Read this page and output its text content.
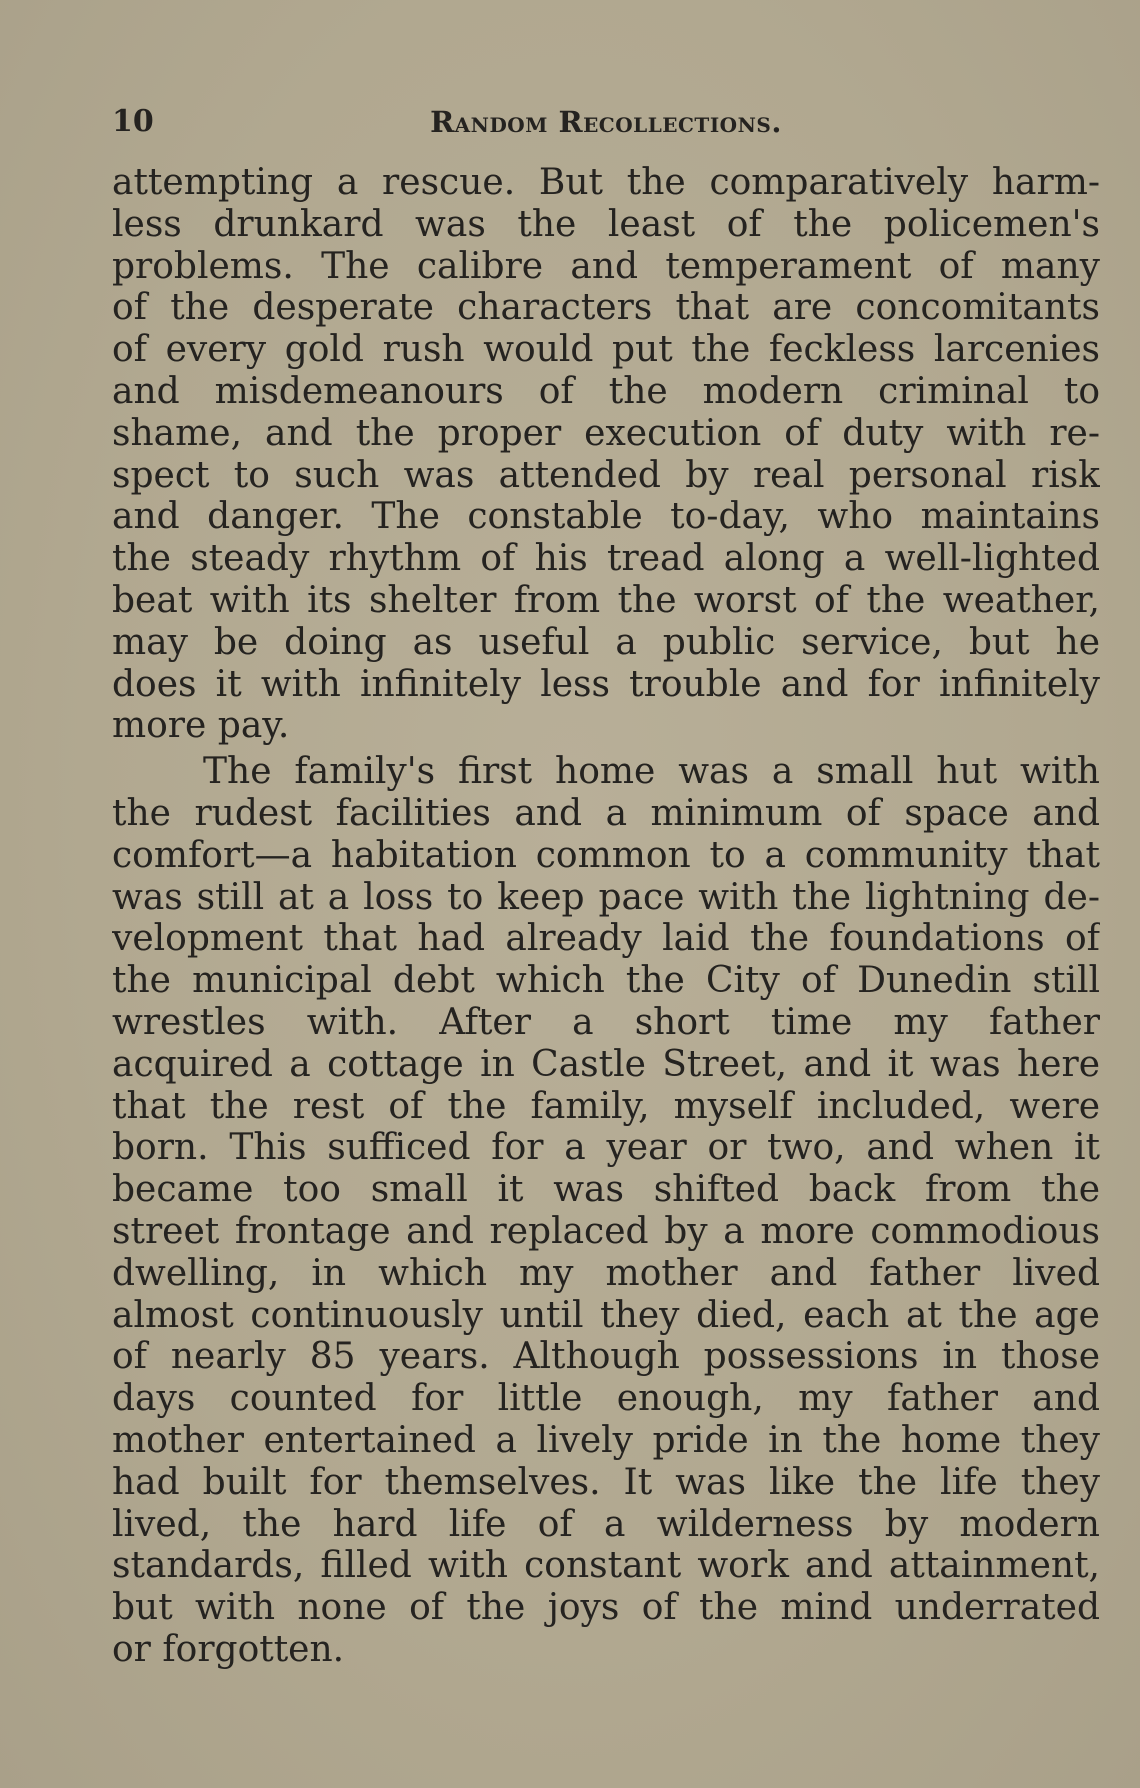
10	Random Recollections.
attempting a rescue. But the comparatively harm-
less drunkard was the least of the policemen's
problems. The calibre and temperament of many
of the desperate characters that are concomitants
of every gold rush would put the feckless larcenies
and misdemeanours of the modern criminal to
shame, and the proper execution of duty with re-
spect to such was attended by real personal risk
and danger. The constable to-day, who maintains
the steady rhythm of his tread along a well-lighted
beat with its shelter from the worst of the weather,
may be doing as useful a public service, but he
does it with infinitely less trouble and for infinitely
more pay.
The family's first home was a small hut with
the rudest facilities and a minimum of space and
comfort—a habitation common to a community that
was still at a loss to keep pace with the lightning de-
velopment that had already laid the foundations of
the municipal debt which the City of Dunedin still
wrestles with. After a short time my father
acquired a cottage in Castle Street, and it was here
that the rest of the family, myself included, were
born. This sufficed for a year or two, and when it
became too small it was shifted back from the
street frontage and replaced by a more commodious
dwelling, in which my mother and father lived
almost continuously until they died, each at the age
of nearly 85 years. Although possessions in those
days counted for little enough, my father and
mother entertained a lively pride in the home they
had built for themselves. It was like the life they
lived, the hard life of a wilderness by modern
standards, filled with constant work and attainment,
but with none of the joys of the mind underrated
or forgotten.
